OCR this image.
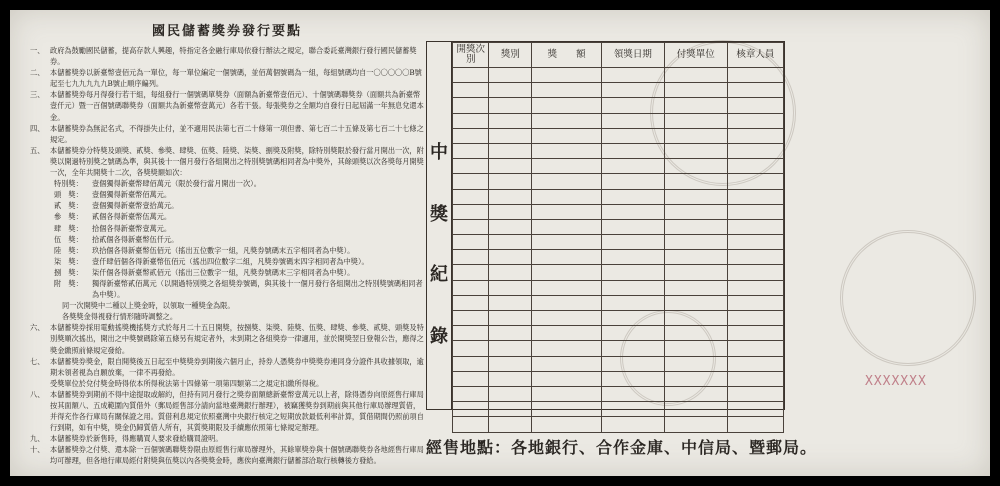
國民儲蓄獎券發行要點
一、 政府為鼓勵國民儲蓄，提高存款人興趣，特指定各金融行庫局依發行辦法之規定，聯合委託臺灣銀行發行國民儲蓄獎券。
二、 本儲蓄獎券以新臺幣壹佰元為一單位，每一單位編定一個號碼，並佰萬個號碼為一組，每組號碼均自一〇〇〇〇〇B號起至七九九九九九B號止順序編列。
三、 本儲蓄獎券每月得發行若干組，每組發行一個號碼單獎券（面額為新臺幣壹佰元）、十個號碼聯獎券（面額共為新臺幣壹仟元）暨一百個號碼聯獎券（面額共為新臺幣壹萬元）各若干張。每張獎券之全額均自發行日起屆滿一年無息兌還本金。
四、 本儲蓄獎券為無記名式，不得掛失止付，並不適用民法第七百二十條第一項但書、第七百二十五條及第七百二十七條之規定。
五、 本儲蓄獎券分特獎及頭獎、貳獎、參獎、肆獎、伍獎、陸獎、柒獎、捌獎及附獎，除特別獎限於發行當月開出一次，附獎以開過特別獎之號碼為準，與其後十一個月發行各組開出之特別獎號碼相同者為中獎外，其餘頭獎以次各獎每月開獎一次，全年共開獎十二次，各獎獎額如次：
特別獎：	壹個獨得新臺幣肆佰萬元（限於發行當月開出一次）。
頭　獎：	壹個獨得新臺幣佰萬元。
貳　獎：	壹個獨得新臺幣壹拾萬元。
參　獎：	貳個各得新臺幣伍萬元。
肆　獎：	拾個各得新臺幣壹萬元。
伍　獎：	拾貳個各得新臺幣伍仟元。
陸　獎：	玖拾個各得新臺幣伍佰元（搖出五位數字一組，凡獎券號碼末五字相同者為中獎）。
柒　獎：	壹仟肆佰個各得新臺幣伍佰元（搖出四位數字二組，凡獎券號碼末四字相同者為中獎）。
捌　獎：	柒仟個各得新臺幣貳佰元（搖出三位數字一組，凡獎券號碼末三字相同者為中獎）。
附　獎：	獨得新臺幣貳佰萬元（以開過特別獎之各組獎券號碼，與其後十一個月發行各組開出之特別獎號碼相同者為中獎）。
同一次開獎中二種以上獎金時，以領取一種獎金為限。
各獎獎金得視發行情形隨時調整之。
六、 本儲蓄獎券採用電動搖獎機搖獎方式於每月二十五日開獎，按捌獎、柒獎、陸獎、伍獎、肆獎、參獎、貳獎、頭獎及特別獎順次搖出，開出之中獎號碼除第五條另有規定者外，未到期之各組獎券一律適用，並於開獎翌日登報公告，應得之獎金繳照前條規定發給。
七、 本儲蓄獎券獎金，限自開獎後五日起至中獎獎券到期後六個月止，持券人憑獎券中獎獎券連同身分證件具收據領取，逾期未領者視為自願放棄，一律不再發給。
受獎單位於兌付獎金時得依本所得稅法第十四條第一項第四類第二之規定扣繳所得稅。
八、 本儲蓄獎券到期前不得中途提取或解約，但持有同月發行之獎券面額總新臺幣壹萬元以上者，除得憑券向原經售行庫局按其面額八、五成範圍內質借外（郵局經售部分請向當地臺灣銀行辦理），被竊獲獎券到期前與其他行庫局辦理質借，并得充作各行庫局有關保證之用。質借利息規定依照臺灣中央銀行核定之短期放款最低利率計算，質借期間仍照前項自行到期，如有中獎，獎金仍歸質借人所有，其質獎期限及手續應依照第七條規定辦理。
九、 本儲蓄獎券於新售時，得應購買人要求發給購買證明。
十、 本儲蓄獎券之付獎、還本除一百個號碼聯獎券限由原經售行庫局辦理外，其餘單獎券與十個號碼聯獎券各地經售行庫局均可辦理，但各地行庫局經付附獎與伍獎以內各獎獎金時，應俟向臺灣銀行儲蓄部洽取行核轉後方發給。
中
獎
紀
錄
開獎次別	獎別	獎　　額	領獎日期	付獎單位	核章人員

XXXXXXX
經售地點：各地銀行、合作金庫、中信局、暨郵局。
